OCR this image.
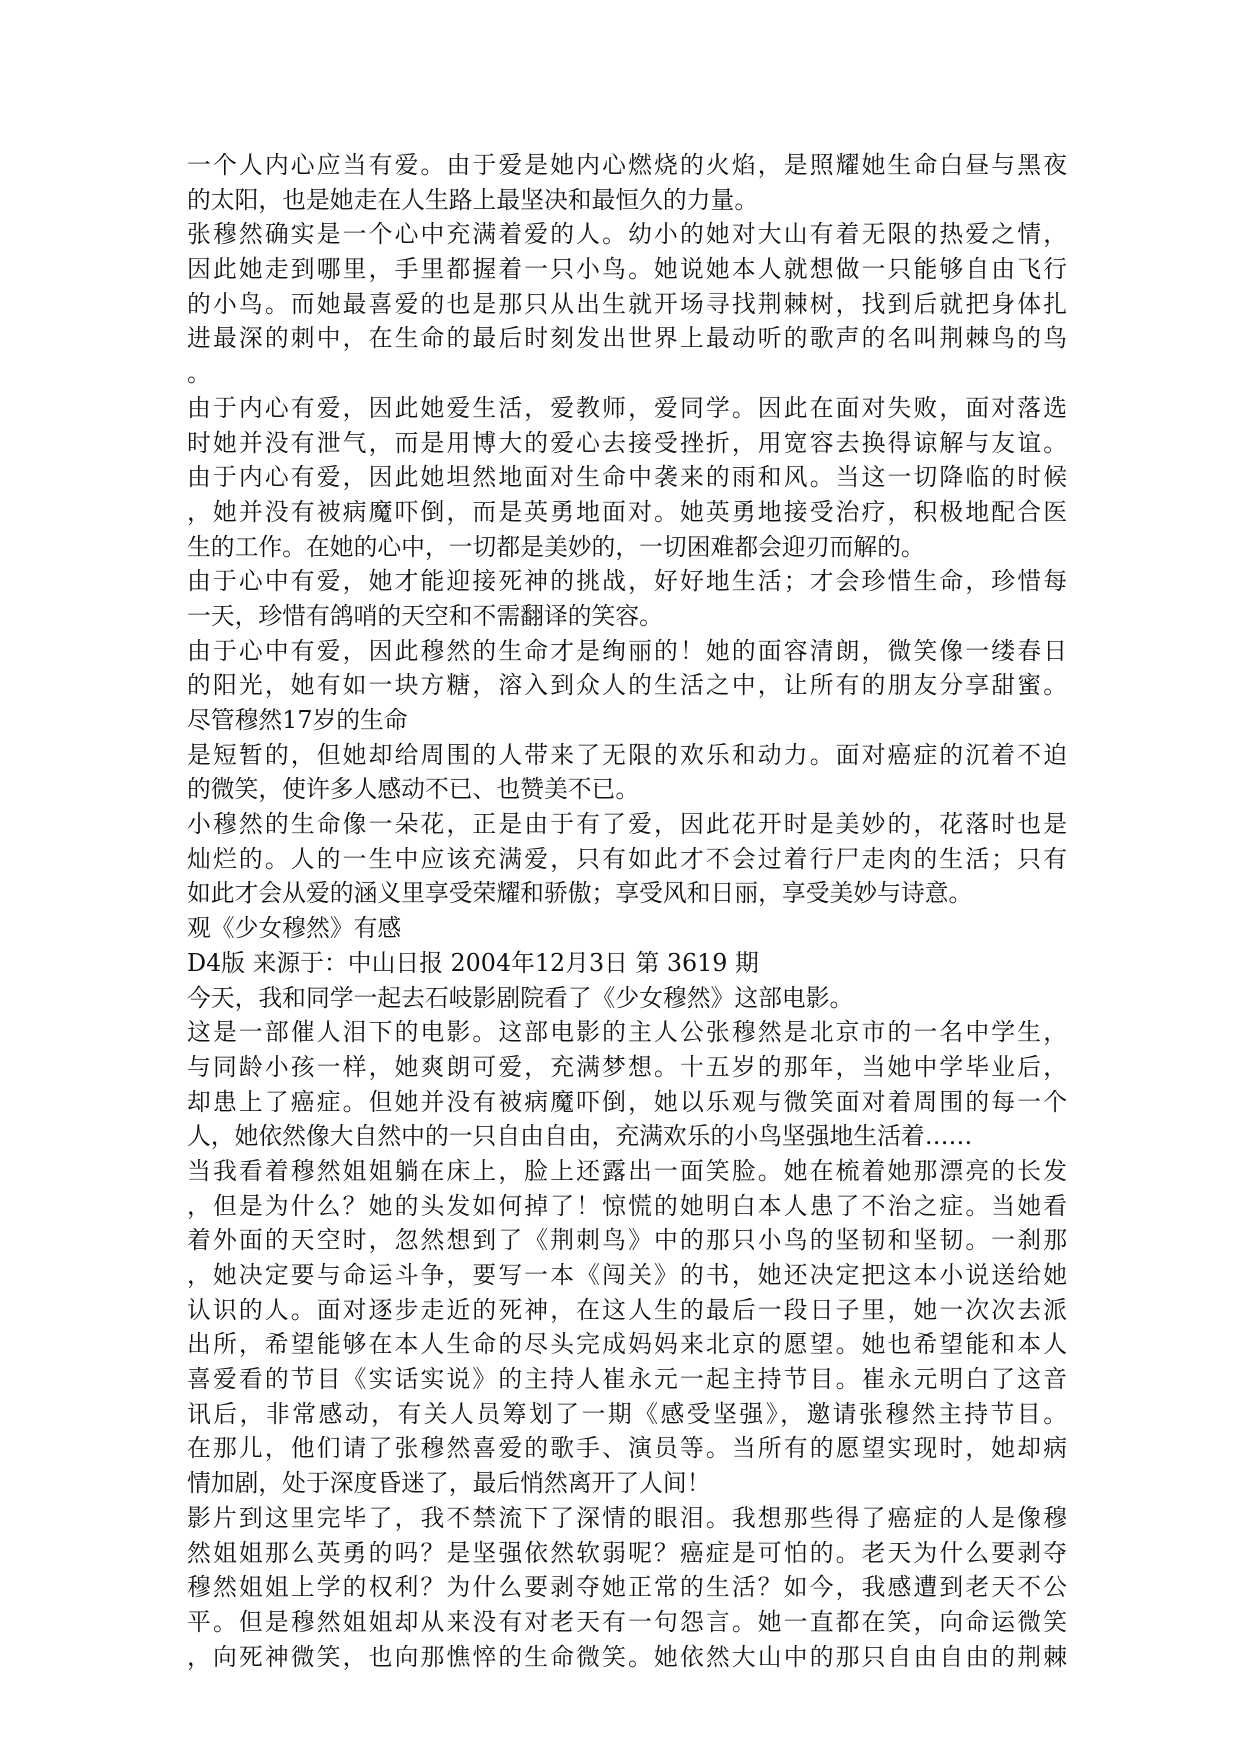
一个人内心应当有爱。由于爱是她内心燃烧的火焰，是照耀她生命白昼与黑夜
的太阳，也是她走在人生路上最坚决和最恒久的力量。
张穆然确实是一个心中充满着爱的人。幼小的她对大山有着无限的热爱之情，
因此她走到哪里，手里都握着一只小鸟。她说她本人就想做一只能够自由飞行
的小鸟。而她最喜爱的也是那只从出生就开场寻找荆棘树，找到后就把身体扎
进最深的刺中，在生命的最后时刻发出世界上最动听的歌声的名叫荆棘鸟的鸟
。
由于内心有爱，因此她爱生活，爱教师，爱同学。因此在面对失败，面对落选
时她并没有泄气，而是用博大的爱心去接受挫折，用宽容去换得谅解与友谊。
由于内心有爱，因此她坦然地面对生命中袭来的雨和风。当这一切降临的时候
，她并没有被病魔吓倒，而是英勇地面对。她英勇地接受治疗，积极地配合医
生的工作。在她的心中，一切都是美妙的，一切困难都会迎刃而解的。
由于心中有爱，她才能迎接死神的挑战，好好地生活；才会珍惜生命，珍惜每
一天，珍惜有鸽哨的天空和不需翻译的笑容。
由于心中有爱，因此穆然的生命才是绚丽的！她的面容清朗，微笑像一缕春日
的阳光，她有如一块方糖，溶入到众人的生活之中，让所有的朋友分享甜蜜。
尽管穆然17岁的生命
是短暂的，但她却给周围的人带来了无限的欢乐和动力。面对癌症的沉着不迫
的微笑，使许多人感动不已、也赞美不已。
小穆然的生命像一朵花，正是由于有了爱，因此花开时是美妙的，花落时也是
灿烂的。人的一生中应该充满爱，只有如此才不会过着行尸走肉的生活；只有
如此才会从爱的涵义里享受荣耀和骄傲；享受风和日丽，享受美妙与诗意。
观《少女穆然》有感
D4版 来源于：中山日报 2004年12月3日 第 3619 期
今天，我和同学一起去石岐影剧院看了《少女穆然》这部电影。
这是一部催人泪下的电影。这部电影的主人公张穆然是北京市的一名中学生，
与同龄小孩一样，她爽朗可爱，充满梦想。十五岁的那年，当她中学毕业后，
却患上了癌症。但她并没有被病魔吓倒，她以乐观与微笑面对着周围的每一个
人，她依然像大自然中的一只自由自由，充满欢乐的小鸟坚强地生活着……
当我看着穆然姐姐躺在床上，脸上还露出一面笑脸。她在梳着她那漂亮的长发
，但是为什么？她的头发如何掉了！惊慌的她明白本人患了不治之症。当她看
着外面的天空时，忽然想到了《荆刺鸟》中的那只小鸟的坚韧和坚韧。一刹那
，她决定要与命运斗争，要写一本《闯关》的书，她还决定把这本小说送给她
认识的人。面对逐步走近的死神，在这人生的最后一段日子里，她一次次去派
出所，希望能够在本人生命的尽头完成妈妈来北京的愿望。她也希望能和本人
喜爱看的节目《实话实说》的主持人崔永元一起主持节目。崔永元明白了这音
讯后，非常感动，有关人员筹划了一期《感受坚强》，邀请张穆然主持节目。
在那儿，他们请了张穆然喜爱的歌手、演员等。当所有的愿望实现时，她却病
情加剧，处于深度昏迷了，最后悄然离开了人间！
影片到这里完毕了，我不禁流下了深情的眼泪。我想那些得了癌症的人是像穆
然姐姐那么英勇的吗？是坚强依然软弱呢？癌症是可怕的。老天为什么要剥夺
穆然姐姐上学的权利？为什么要剥夺她正常的生活？如今，我感遭到老天不公
平。但是穆然姐姐却从来没有对老天有一句怨言。她一直都在笑，向命运微笑
，向死神微笑，也向那憔悴的生命微笑。她依然大山中的那只自由自由的荆棘
